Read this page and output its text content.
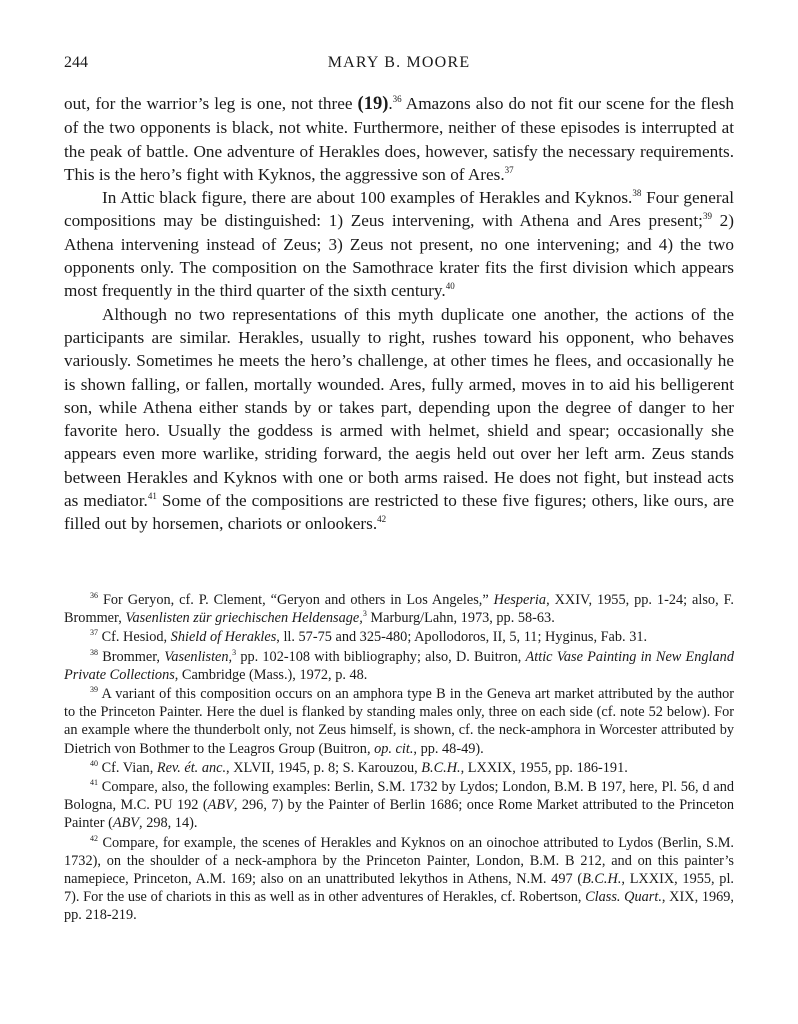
244	MARY B. MOORE

out, for the warrior’s leg is one, not three (19).$^{36}$ Amazons also do not fit our scene for the flesh of the two opponents is black, not white. Furthermore, neither of these episodes is interrupted at the peak of battle. One adventure of Herakles does, however, satisfy the necessary requirements. This is the hero’s fight with Kyknos, the aggressive son of Ares.$^{37}$

In Attic black figure, there are about 100 examples of Herakles and Kyknos.$^{38}$ Four general compositions may be distinguished: 1) Zeus intervening, with Athena and Ares present;$^{39}$ 2) Athena intervening instead of Zeus; 3) Zeus not present, no one intervening; and 4) the two opponents only. The composition on the Samothrace krater fits the first division which appears most frequently in the third quarter of the sixth century.$^{40}$

Although no two representations of this myth duplicate one another, the actions of the participants are similar. Herakles, usually to right, rushes toward his opponent, who behaves variously. Sometimes he meets the hero’s challenge, at other times he flees, and occasionally he is shown falling, or fallen, mortally wounded. Ares, fully armed, moves in to aid his belligerent son, while Athena either stands by or takes part, depending upon the degree of danger to her favorite hero. Usually the goddess is armed with helmet, shield and spear; occasionally she appears even more warlike, striding forward, the aegis held out over her left arm. Zeus stands between Herakles and Kyknos with one or both arms raised. He does not fight, but instead acts as mediator.$^{41}$ Some of the compositions are restricted to these five figures; others, like ours, are filled out by horsemen, chariots or onlookers.$^{42}$

$^{36}$ For Geryon, cf. P. Clement, “Geryon and others in Los Angeles,” Hesperia, XXIV, 1955, pp. 1-24; also, F. Brommer, Vasenlisten zür griechischen Heldensage,$^3$ Marburg/Lahn, 1973, pp. 58-63.

$^{37}$ Cf. Hesiod, Shield of Herakles, ll. 57-75 and 325-480; Apollodoros, II, 5, 11; Hyginus, Fab. 31.

$^{38}$ Brommer, Vasenlisten,$^3$ pp. 102-108 with bibliography; also, D. Buitron, Attic Vase Painting in New England Private Collections, Cambridge (Mass.), 1972, p. 48.

$^{39}$ A variant of this composition occurs on an amphora type B in the Geneva art market attributed by the author to the Princeton Painter. Here the duel is flanked by standing males only, three on each side (cf. note 52 below). For an example where the thunderbolt only, not Zeus himself, is shown, cf. the neck-amphora in Worcester attributed by Dietrich von Bothmer to the Leagros Group (Buitron, op. cit., pp. 48-49).

$^{40}$ Cf. Vian, Rev. ét. anc., XLVII, 1945, p. 8; S. Karouzou, B.C.H., LXXIX, 1955, pp. 186-191.

$^{41}$ Compare, also, the following examples: Berlin, S.M. 1732 by Lydos; London, B.M. B 197, here, Pl. 56, d and Bologna, M.C. PU 192 (ABV, 296, 7) by the Painter of Berlin 1686; once Rome Market attributed to the Princeton Painter (ABV, 298, 14).

$^{42}$ Compare, for example, the scenes of Herakles and Kyknos on an oinochoe attributed to Lydos (Berlin, S.M. 1732), on the shoulder of a neck-amphora by the Princeton Painter, London, B.M. B 212, and on this painter’s namepiece, Princeton, A.M. 169; also on an unattributed lekythos in Athens, N.M. 497 (B.C.H., LXXIX, 1955, pl. 7). For the use of chariots in this as well as in other adventures of Herakles, cf. Robertson, Class. Quart., XIX, 1969, pp. 218-219.
